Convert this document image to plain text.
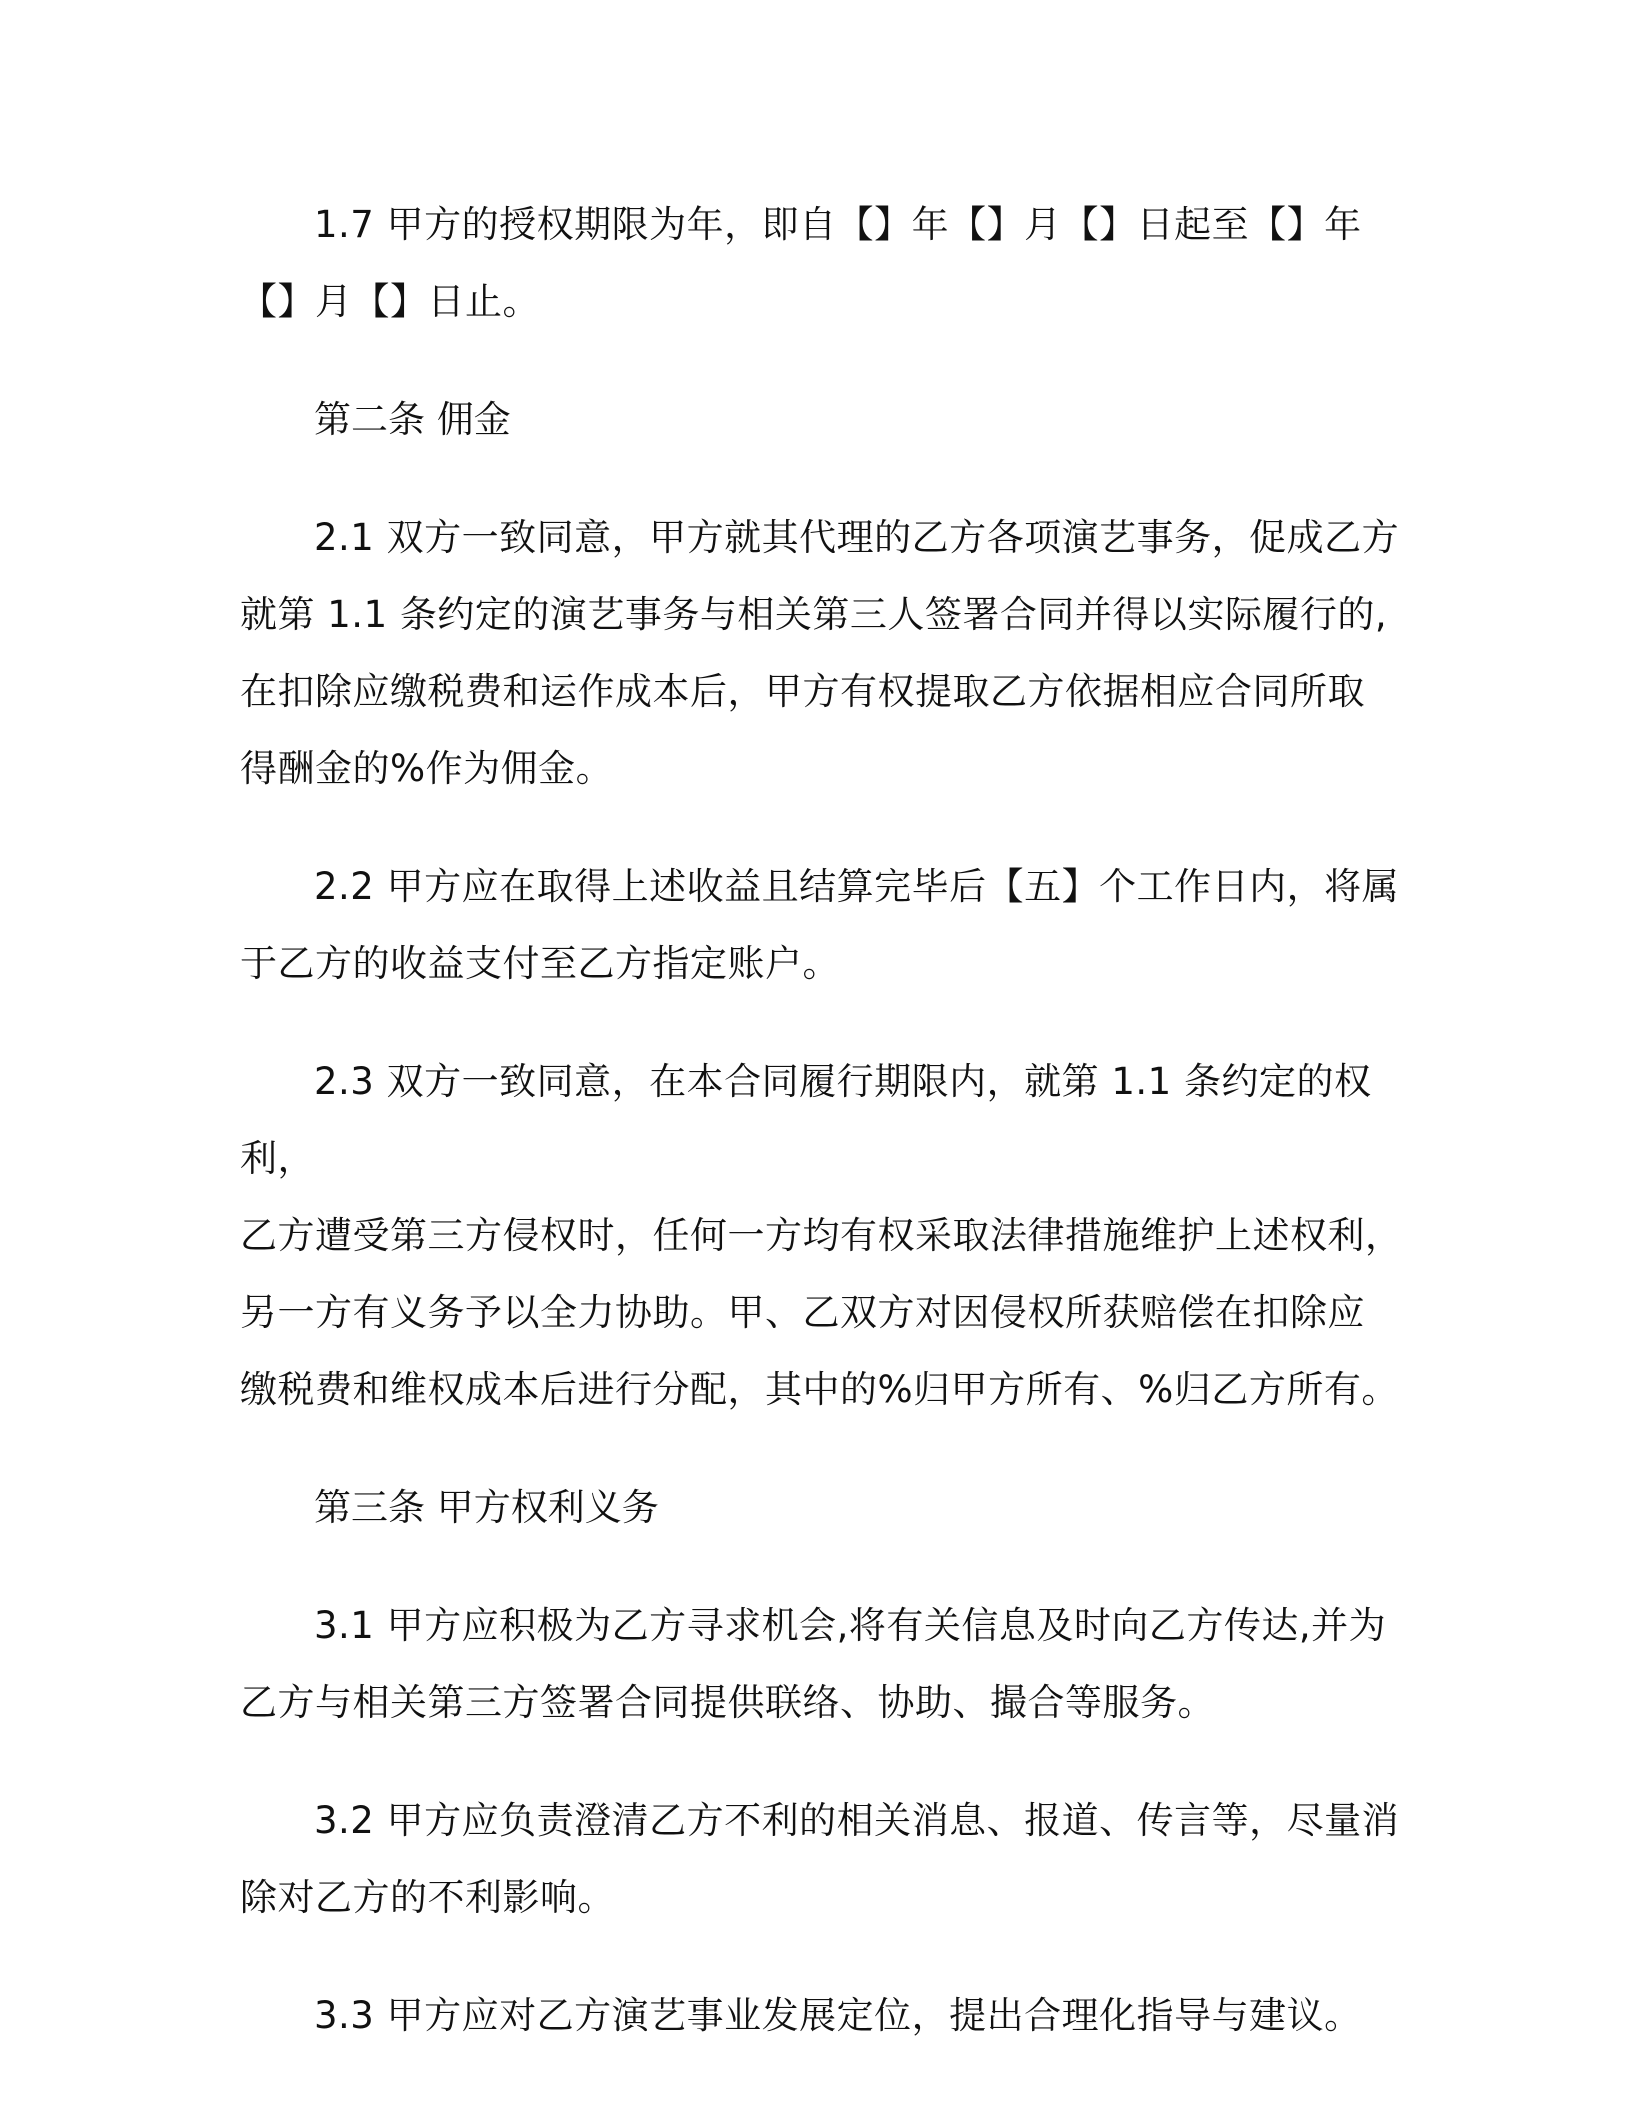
1.7 甲方的授权期限为年，即自【】年【】月【】日起至【】年
【】月【】日止。

第二条 佣金

2.1 双方一致同意，甲方就其代理的乙方各项演艺事务，促成乙方
就第 1.1 条约定的演艺事务与相关第三人签署合同并得以实际履行的,
在扣除应缴税费和运作成本后，甲方有权提取乙方依据相应合同所取
得酬金的%作为佣金。

2.2 甲方应在取得上述收益且结算完毕后【五】个工作日内，将属
于乙方的收益支付至乙方指定账户。

2.3 双方一致同意，在本合同履行期限内，就第 1.1 条约定的权利，
乙方遭受第三方侵权时，任何一方均有权采取法律措施维护上述权利，
另一方有义务予以全力协助。甲、乙双方对因侵权所获赔偿在扣除应
缴税费和维权成本后进行分配，其中的%归甲方所有、%归乙方所有。

第三条 甲方权利义务

3.1 甲方应积极为乙方寻求机会,将有关信息及时向乙方传达,并为
乙方与相关第三方签署合同提供联络、协助、撮合等服务。

3.2 甲方应负责澄清乙方不利的相关消息、报道、传言等，尽量消
除对乙方的不利影响。

3.3 甲方应对乙方演艺事业发展定位，提出合理化指导与建议。
